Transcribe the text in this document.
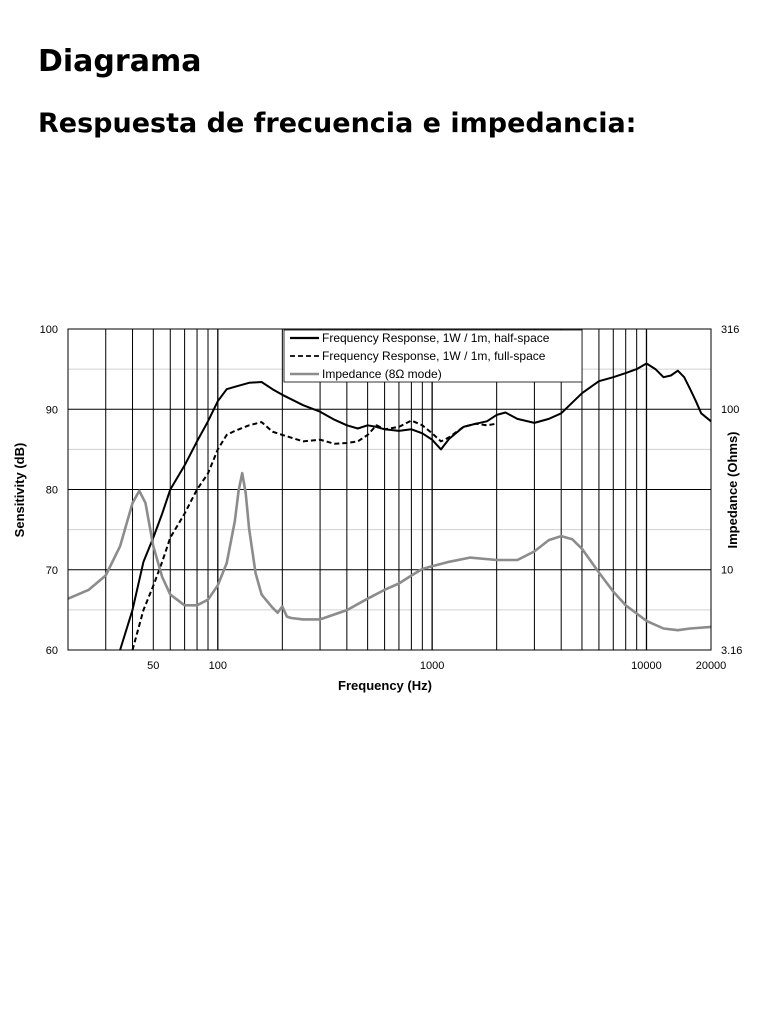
Diagrama
Respuesta de frecuencia e impedancia:
50	100	1000	10000	20000
60
70
80
90
100
3.16
10
100
316
Frequency (Hz)
Sensitivity (dB)	Impedance (Ohms)
Frequency Response, 1W / 1m, half-space
Frequency Response, 1W / 1m, full-space
Impedance (8Ω mode)
